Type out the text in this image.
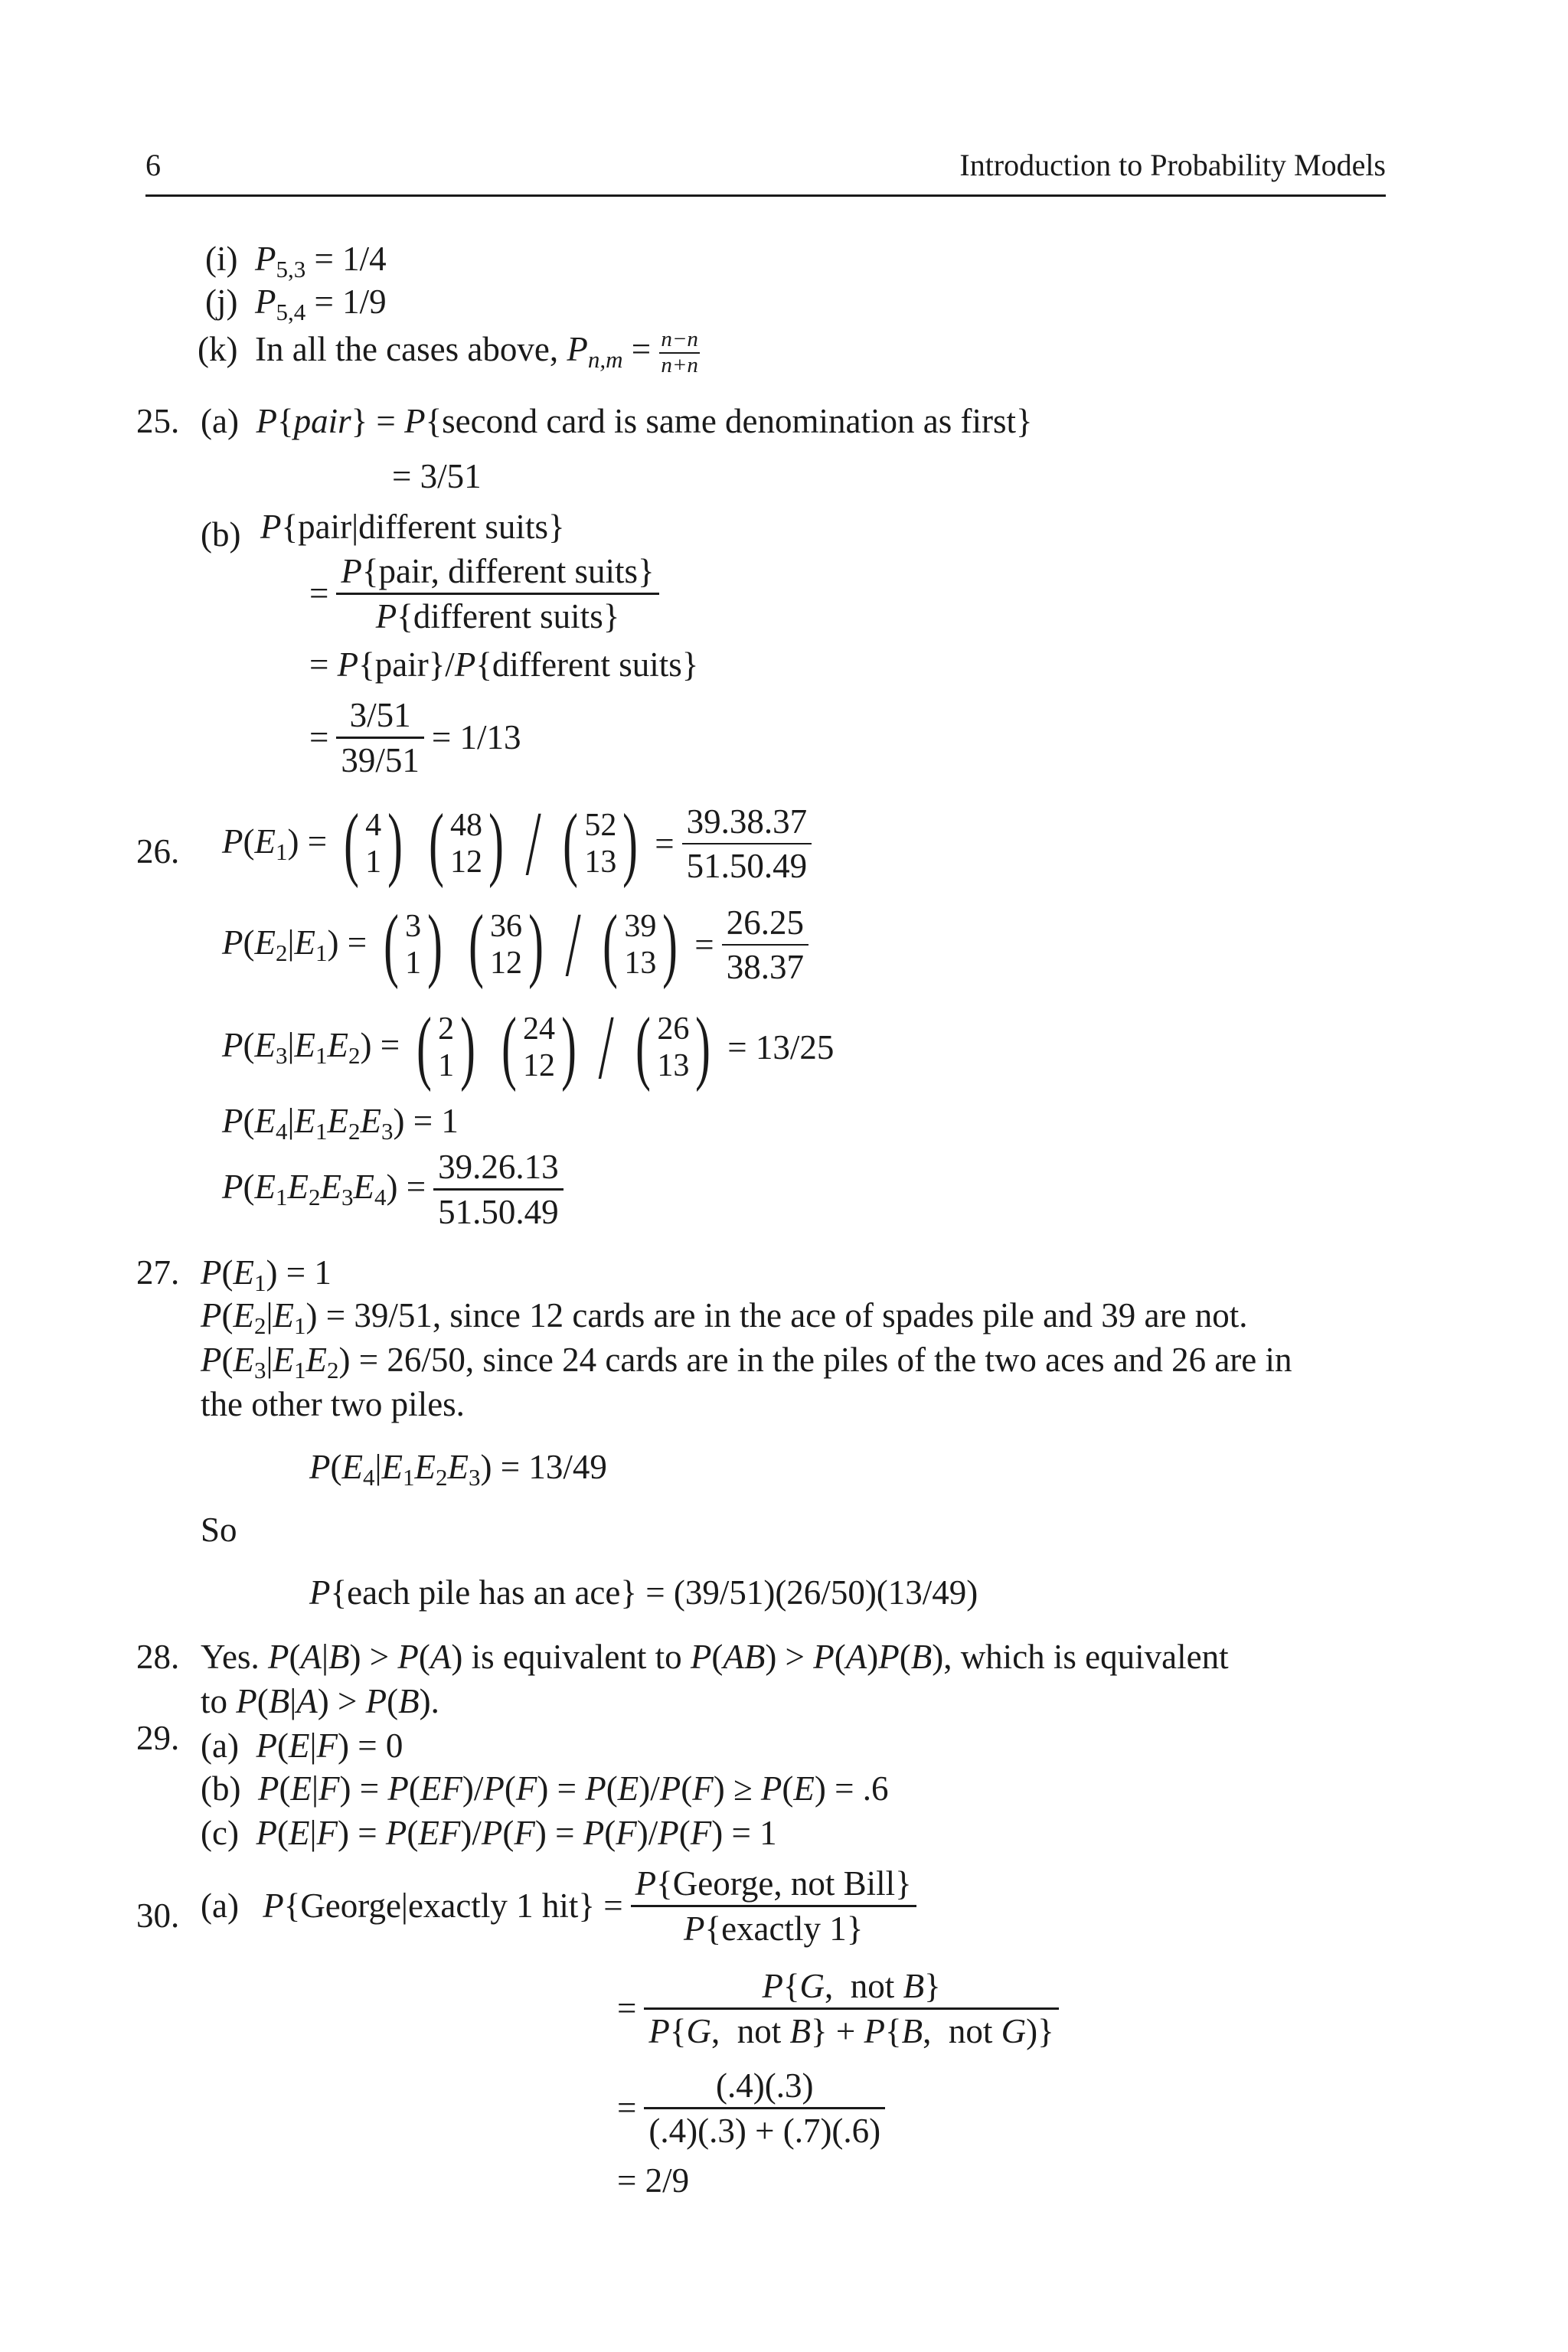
6	Introduction to Probability Models
(i) $P_{5,3} = 1/4$
(j) $P_{5,4} = 1/9$
(k) In all the cases above, $P_{n,m} = \frac{n-n}{n+n}$
25. (a) P{pair} = P{second card is same denomination as first}
= 3/51
(b) P{pair|different suits}
= $\frac{\text{P\{pair, different suits\}}}{\text{P\{different suits\}}}$
= P{pair}/P{different suits}
= $\frac{3/51}{39/51} = 1/13$
26. $P(E_1)$ = ( 4
1 ) ( 48
12 ) / ( 52
13 ) = $\frac{39.38.37}{51.50.49}$
$P(E_2|E_1)$ = ( 3
1 ) ( 36
12 ) / ( 39
13 ) = $\frac{26.25}{38.37}$
$P(E_3|E_1E_2)$ = ( 2
1 ) ( 24
12 ) / ( 26
13 ) = 13/25
$P(E_4|E_1E_2E_3) = 1$
$P(E_1E_2E_3E_4) = \frac{39.26.13}{51.50.49}$
27. $P(E_1) = 1$
$P(E_2|E_1) = 39/51$, since 12 cards are in the ace of spades pile and 39 are not.
$P(E_3|E_1E_2) = 26/50$, since 24 cards are in the piles of the two aces and 26 are in
the other two piles.
$P(E_4|E_1E_2E_3) = 13/49$
So
P{each pile has an ace} = (39/51)(26/50)(13/49)
28. Yes. P(A|B) > P(A) is equivalent to P(AB) > P(A)P(B), which is equivalent
to P(B|A) > P(B).
29. (a) P(E|F) = 0
(b) P(E|F) = P(EF)/P(F) = P(E)/P(F) ≥ P(E) = .6
(c) P(E|F) = P(EF)/P(F) = P(F)/P(F) = 1
30. (a)
P{George|exactly 1 $hit\} = \frac{\text{P\{George, not Bill\}}}{\text{P\{exactly 1\}}}$
= $\frac{\text{P\{G,  not B\}}}{\text{P\{G,  not B\} + P\{B,  not G)\}}}$
= $\frac{(.4)(.3)}{(.4)(.3) + (.7)(.6)}$
= 2/9
